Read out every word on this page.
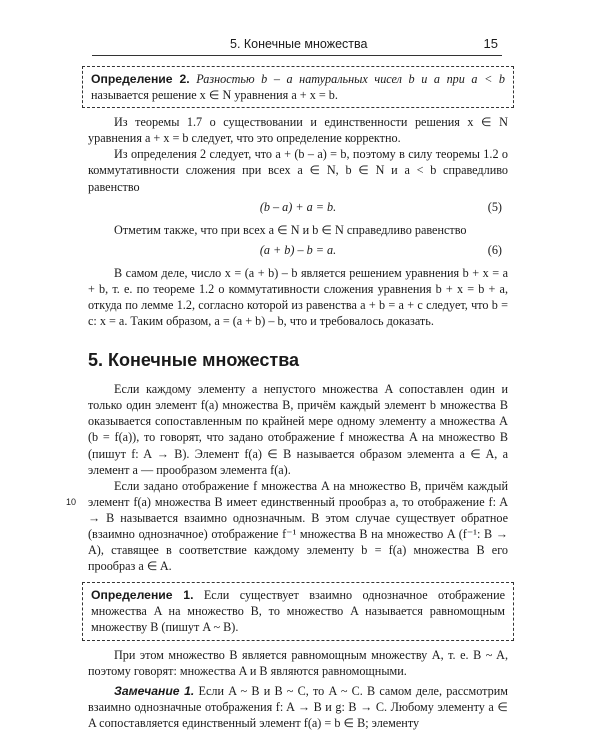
5. Конечные множества	15
10

Определение 2. Разностью b – a натуральных чисел b и a при a < b называется решение x ∈ N уравнения a + x = b.

Из теоремы 1.7 о существовании и единственности решения x ∈ N уравнения a + x = b следует, что это определение корректно.

Из определения 2 следует, что a + (b – a) = b, поэтому в силу теоремы 1.2 о коммутативности сложения при всех a ∈ N, b ∈ N и a < b справедливо равенство

(b – a) + a = b.	(5)

Отметим также, что при всех a ∈ N и b ∈ N справедливо равенство

(a + b) – b = a.	(6)

В самом деле, число x = (a + b) – b является решением уравнения b + x = a + b, т. е. по теореме 1.2 о коммутативности сложения уравнения b + x = b + a, откуда по лемме 1.2, согласно которой из равенства a + b = a + c следует, что b = c: x = a. Таким образом, a = (a + b) – b, что и требовалось доказать.

5. Конечные множества

Если каждому элементу a непустого множества A сопоставлен один и только один элемент f(a) множества B, причём каждый элемент b множества B оказывается сопоставленным по крайней мере одному элементу a множества A (b = f(a)), то говорят, что задано отображение f множества A на множество B (пишут f: A → B). Элемент f(a) ∈ B называется образом элемента a ∈ A, а элемент a — прообразом элемента f(a).

Если задано отображение f множества A на множество B, причём каждый элемент f(a) множества B имеет единственный прообраз a, то отображение f: A → B называется взаимно однозначным. В этом случае существует обратное (взаимно однозначное) отображение f⁻¹ множества B на множество A (f⁻¹: B → A), ставящее в соответствие каждому элементу b = f(a) множества B его прообраз a ∈ A.

Определение 1. Если существует взаимно однозначное отображение множества A на множество B, то множество A называется равномощным множеству B (пишут A ~ B).

При этом множество B является равномощным множеству A, т. е. B ~ A, поэтому говорят: множества A и B являются равномощными.

Замечание 1. Если A ~ B и B ~ C, то A ~ C. В самом деле, рассмотрим взаимно однозначные отображения f: A → B и g: B → C. Любому элементу a ∈ A сопоставляется единственный элемент f(a) = b ∈ B; элементу
